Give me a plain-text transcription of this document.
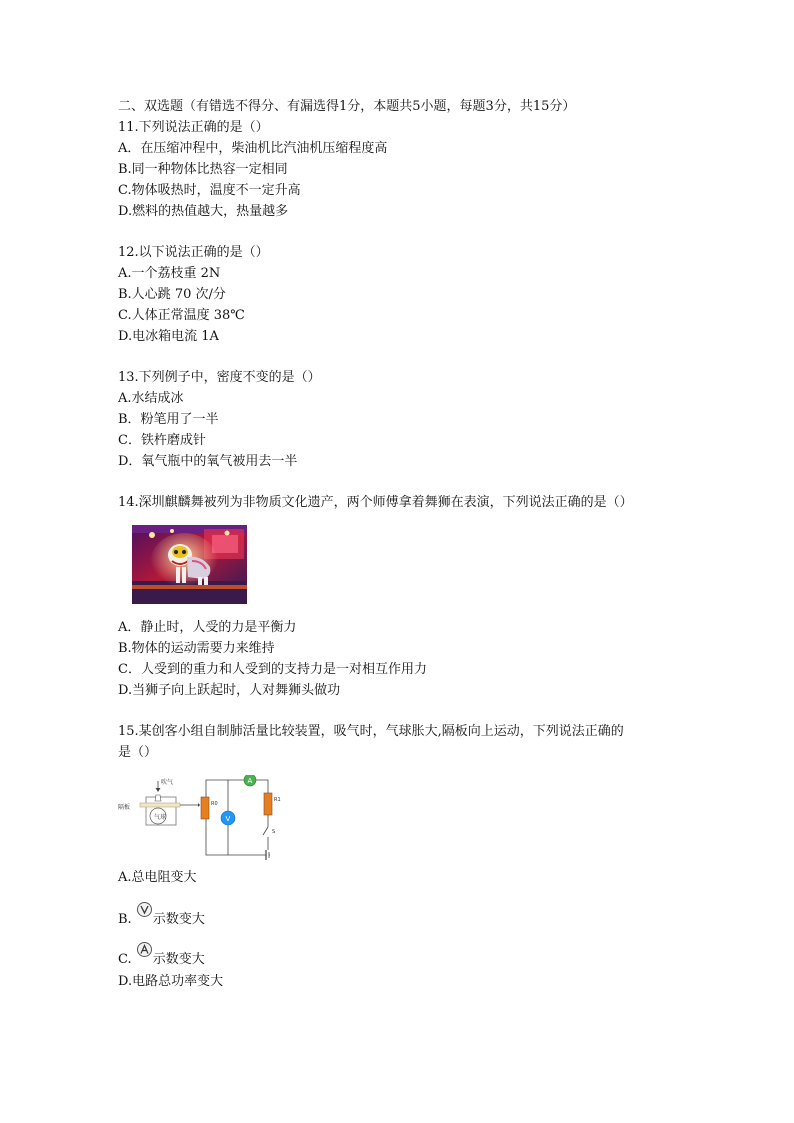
二、双选题（有错选不得分、有漏选得1分，本题共5小题，每题3分，共15分）
11.下列说法正确的是（）
A．在压缩冲程中，柴油机比汽油机压缩程度高
B.同一种物体比热容一定相同
C.物体吸热时，温度不一定升高
D.燃料的热值越大，热量越多
12.以下说法正确的是（）
A.一个荔枝重 2N
B.人心跳 70 次/分
C.人体正常温度 38℃
D.电冰箱电流 1A
13.下列例子中，密度不变的是（）
A.水结成冰
B．粉笔用了一半
C．铁杵磨成针
D．氧气瓶中的氧气被用去一半
14.深圳麒麟舞被列为非物质文化遗产，两个师傅拿着舞狮在表演，下列说法正确的是（）
A．静止时，人受的力是平衡力
B.物体的运动需要力来维持
C．人受到的重力和人受到的支持力是一对相互作用力
D.当狮子向上跃起时，人对舞狮头做功
15.某创客小组自制肺活量比较装置，吸气时，气球胀大,隔板向上运动，下列说法正确的
是（）
吹气
隔板
气球
R0
V
A
R1
S
A.总电阻变大
B. 示数变大
C. 示数变大
D.电路总功率变大
